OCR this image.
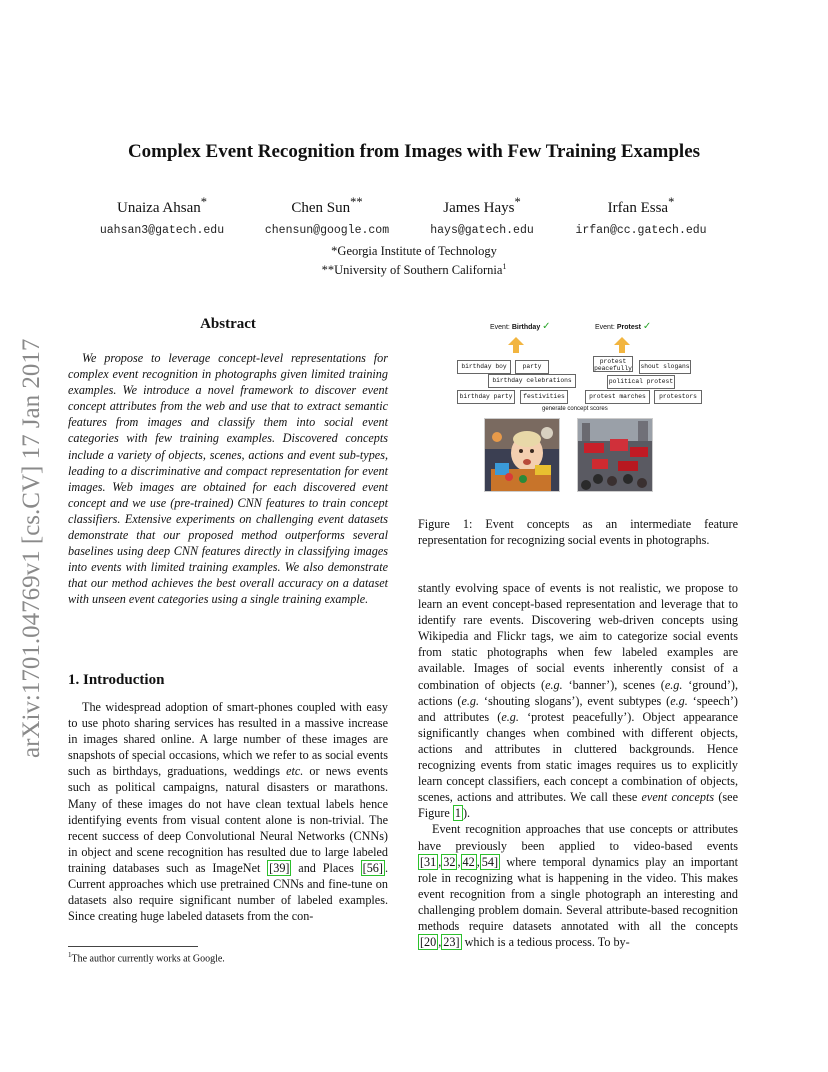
Complex Event Recognition from Images with Few Training Examples
Unaiza Ahsan*
uahsan3@gatech.edu
Chen Sun**
chensun@google.com
James Hays*
hays@gatech.edu
Irfan Essa*
irfan@cc.gatech.edu
*Georgia Institute of Technology
**University of Southern California$^1$
arXiv:1701.04769v1 [cs.CV] 17 Jan 2017
Abstract
We propose to leverage concept-level representations for complex event recognition in photographs given limited training examples. We introduce a novel framework to discover event concept attributes from the web and use that to extract semantic features from images and classify them into social event categories with few training examples. Discovered concepts include a variety of objects, scenes, actions and event sub-types, leading to a discriminative and compact representation for event images. Web images are obtained for each discovered event concept and we use (pre-trained) CNN features to train concept classifiers. Extensive experiments on challenging event datasets demonstrate that our proposed method outperforms several baselines using deep CNN features directly in classifying images into events with limited training examples. We also demonstrate that our method achieves the best overall accuracy on a dataset with unseen event categories using a single training example.
1. Introduction
The widespread adoption of smart-phones coupled with easy to use photo sharing services has resulted in a massive increase in images shared online. A large number of these images are snapshots of special occasions, which we refer to as social events such as birthdays, graduations, weddings etc. or news events such as political campaigns, natural disasters or marathons. Many of these images do not have clean textual labels hence identifying events from visual content alone is non-trivial. The recent success of deep Convolutional Neural Networks (CNNs) in object and scene recognition has resulted due to large labeled training databases such as ImageNet [39] and Places [56] . Current approaches which use pretrained CNNs and fine-tune on datasets also require significant number of labeled examples. Since creating huge labeled datasets from the con-
$^1$The author currently works at Google.
Event: Birthday ✓	Event: Protest ✓
birthday boy	party
birthday celebrations
birthday party	festivities
protest
peacefully shout slogans
political protest
protest marches	protestors
generate concept scores
Figure 1: Event concepts as an intermediate feature representation for recognizing social events in photographs.

stantly evolving space of events is not realistic, we propose to learn an event concept-based representation and leverage that to identify rare events. Discovering web-driven concepts using Wikipedia and Flickr tags, we aim to categorize social events from static photographs when few labeled examples are available. Images of social events inherently consist of a combination of objects (e.g. ‘banner’), scenes (e.g. ‘ground’), actions (e.g. ‘shouting slogans’), event subtypes (e.g. ‘speech’) and attributes (e.g. ‘protest peacefully’). Object appearance significantly changes when combined with different objects, actions and attributes in cluttered backgrounds. Hence recognizing events from static images requires us to explicitly learn concept classifiers, each concept a combination of objects, scenes, actions and attributes. We call these event concepts (see Figure 1 ).

Event recognition approaches that use concepts or attributes have previously been applied to video-based events [31 , 32 , 42 , 54] where temporal dynamics play an important role in recognizing what is happening in the video. This makes event recognition from a single photograph an interesting and challenging problem domain. Several attribute-based recognition methods require datasets annotated with all the concepts [20 , 23] which is a tedious process. To by-
